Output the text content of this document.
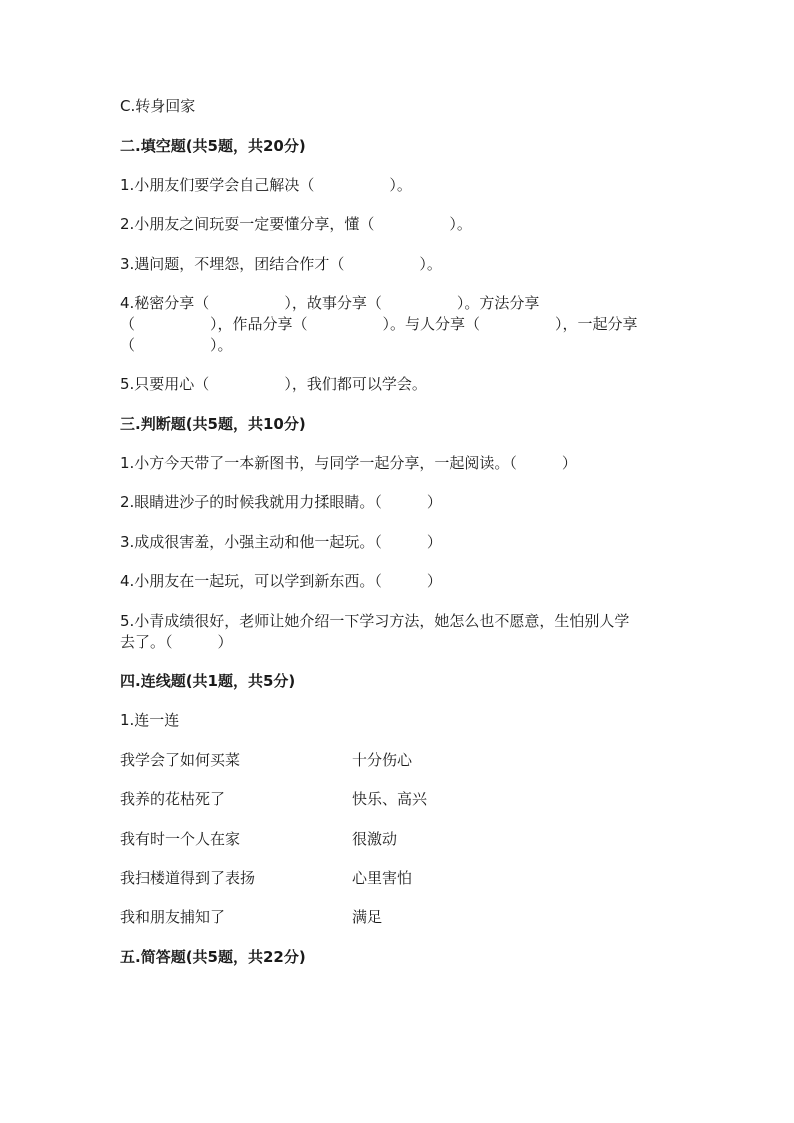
C.转身回家
二.填空题(共5题，共20分)
1.小朋友们要学会自己解决（　　　　　）。
2.小朋友之间玩耍一定要懂分享，懂（　　　　　）。
3.遇问题，不埋怨，团结合作才（　　　　　）。
4.秘密分享（　　　　　），故事分享（　　　　　）。方法分享
（　　　　　），作品分享（　　　　　）。与人分享（　　　　　），一起分享
（　　　　　）。
5.只要用心（　　　　　），我们都可以学会。
三.判断题(共5题，共10分)
1.小方今天带了一本新图书，与同学一起分享，一起阅读。（　　　）
2.眼睛进沙子的时候我就用力揉眼睛。（　　　）
3.成成很害羞，小强主动和他一起玩。（　　　）
4.小朋友在一起玩，可以学到新东西。（　　　）
5.小青成绩很好，老师让她介绍一下学习方法，她怎么也不愿意，生怕别人学
去了。（　　　）
四.连线题(共1题，共5分)
1.连一连
我学会了如何买菜	十分伤心
我养的花枯死了	快乐、高兴
我有时一个人在家	很激动
我扫楼道得到了表扬	心里害怕
我和朋友捕知了	满足
五.简答题(共5题，共22分)
